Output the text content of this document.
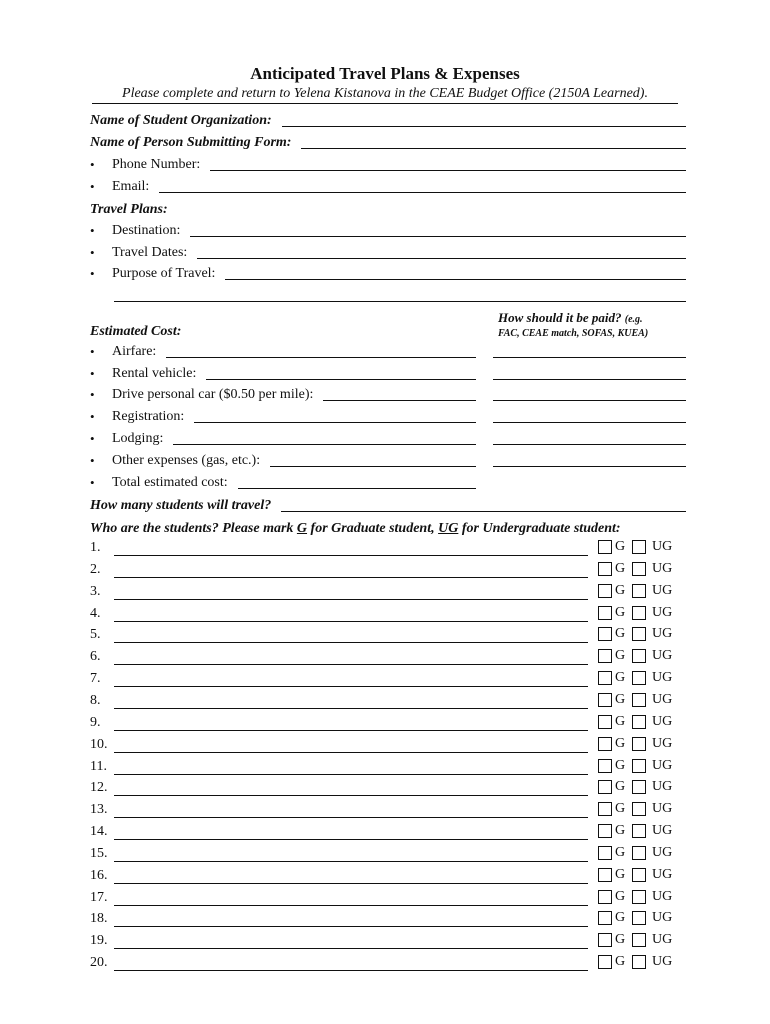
Anticipated Travel Plans & Expenses
Please complete and return to Yelena Kistanova in the CEAE Budget Office (2150A Learned).
Name of Student Organization:
Name of Person Submitting Form:
•	Phone Number:
•	Email:
Travel Plans:
•	Destination:
•	Travel Dates:
•	Purpose of Travel:
How should it be paid? (e.g.
FAC, CEAE match, SOFAS, KUEA)
Estimated Cost:
•	Airfare:
•	Rental vehicle:
•	Drive personal car ($0.50 per mile):
•	Registration:
•	Lodging:
•	Other expenses (gas, etc.):
•	Total estimated cost:
How many students will travel?
Who are the students? Please mark G for Graduate student, UG for Undergraduate student:
1.	G UG
2.	G UG
3.	G UG
4.	G UG
5.	G UG
6.	G UG
7.	G UG
8.	G UG
9.	G UG
10.	G UG
11.	G UG
12.	G UG
13.	G UG
14.	G UG
15.	G UG
16.	G UG
17.	G UG
18.	G UG
19.	G UG
20.	G UG
